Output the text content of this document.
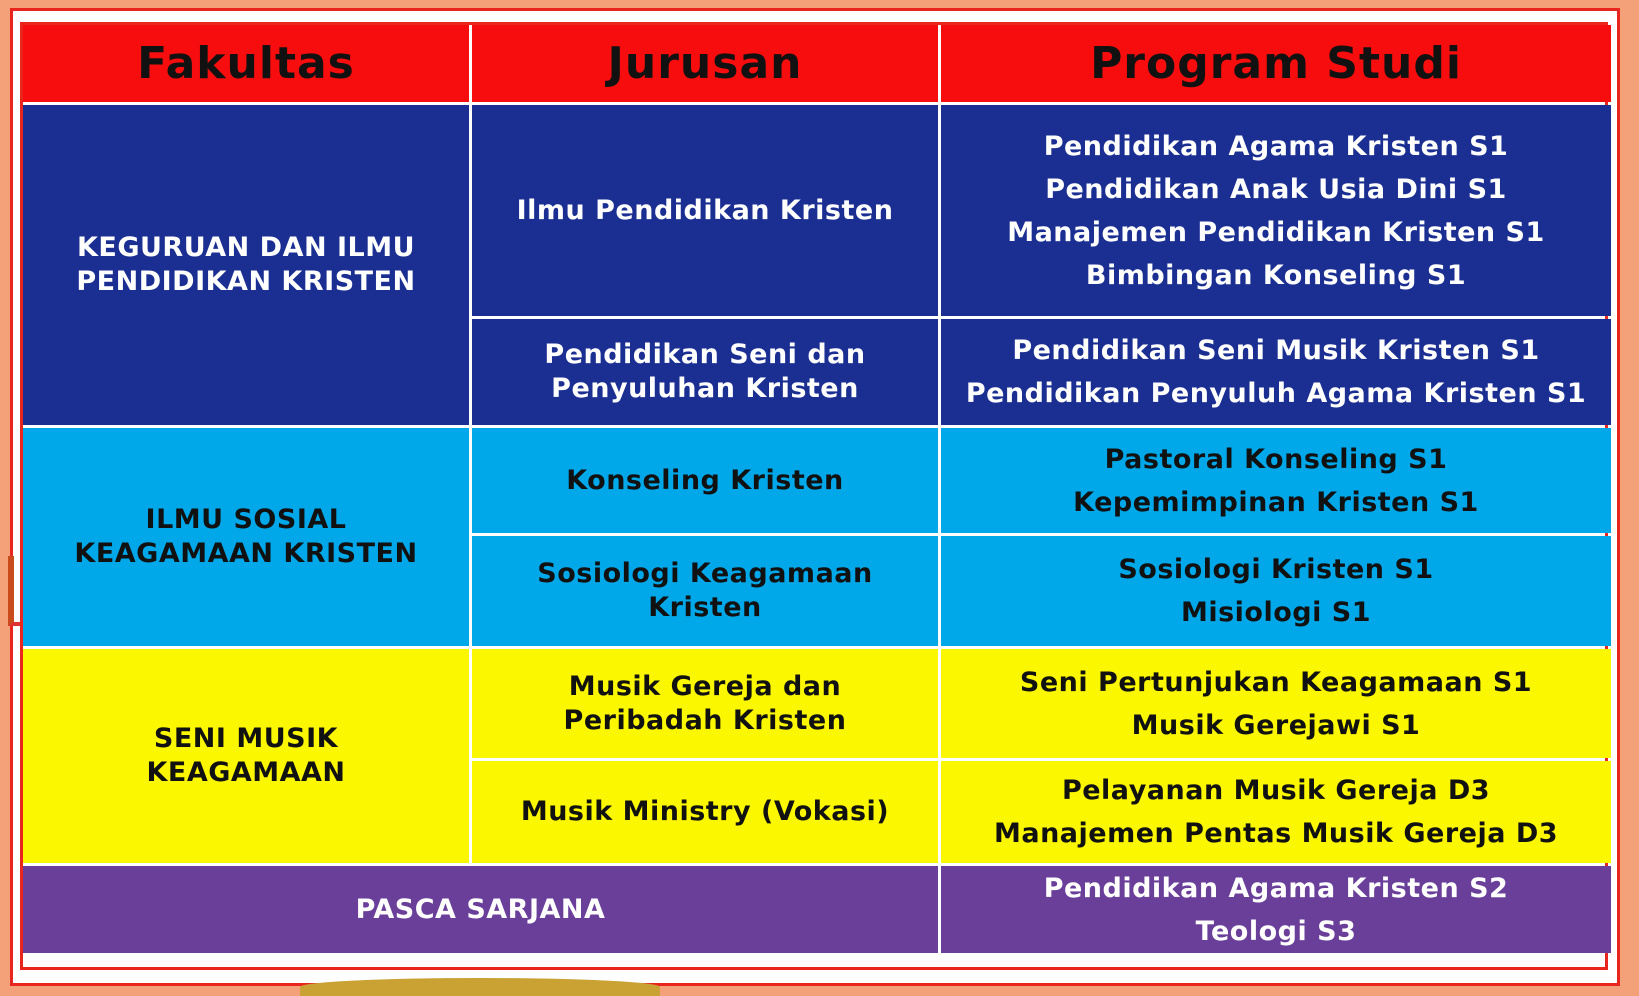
Fakultas	Jurusan	Program Studi
KEGURUAN DAN ILMU
PENDIDIKAN KRISTEN
Ilmu Pendidikan Kristen
Pendidikan Agama Kristen S1
Pendidikan Anak Usia Dini S1
Manajemen Pendidikan Kristen S1
Bimbingan Konseling S1
Pendidikan Seni dan
Penyuluhan Kristen
Pendidikan Seni Musik Kristen S1
Pendidikan Penyuluh Agama Kristen S1
ILMU SOSIAL
KEAGAMAAN KRISTEN
Konseling Kristen
Pastoral Konseling S1
Kepemimpinan Kristen S1
Sosiologi Keagamaan
Kristen
Sosiologi Kristen S1
Misiologi S1
SENI MUSIK
KEAGAMAAN
Musik Gereja dan
Peribadah Kristen
Seni Pertunjukan Keagamaan S1
Musik Gerejawi S1
Musik Ministry (Vokasi)
Pelayanan Musik Gereja D3
Manajemen Pentas Musik Gereja D3
PASCA SARJANA
Pendidikan Agama Kristen S2
Teologi S3
